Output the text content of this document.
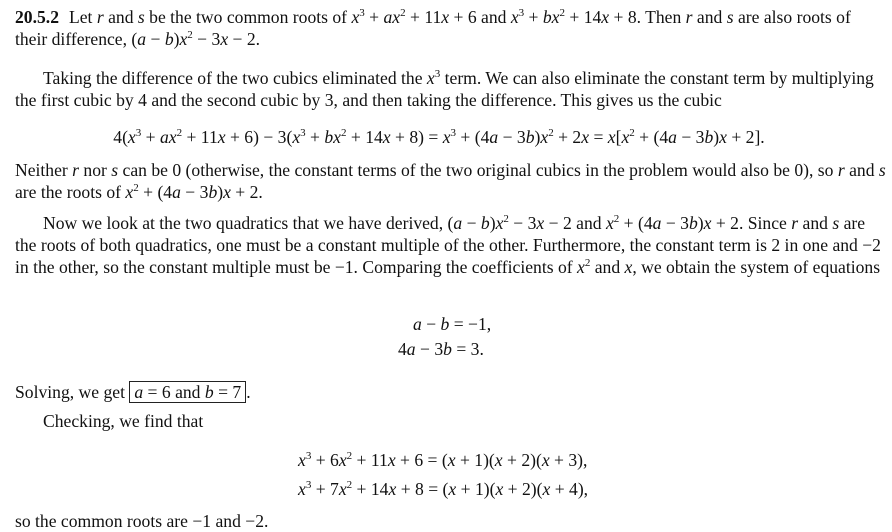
20.5.2 Let r and s be the two common roots of $x^3 + ax^2 + 11x + 6$ and $x^3 + bx^2 + 14x + 8$. Then r and s are also roots of their difference, $(a - b)x^2 - 3x - 2$.

Taking the difference of the two cubics eliminated the $x^3$ term. We can also eliminate the constant term by multiplying the first cubic by 4 and the second cubic by 3, and then taking the difference. This gives us the cubic

$4(x^3 + ax^2 + 11x + 6) - 3(x^3 + bx^2 + 14x + 8) = x^3 + (4a - 3b)x^2 + 2x = x[x^2 + (4a - 3b)x + 2]$.

Neither r nor s can be 0 (otherwise, the constant terms of the two original cubics in the problem would also be 0), so r and s are the roots of $x^2 + (4a - 3b)x + 2$.

Now we look at the two quadratics that we have derived, $(a - b)x^2 - 3x - 2$ and $x^2 + (4a - 3b)x + 2$. Since r and s are the roots of both quadratics, one must be a constant multiple of the other. Furthermore, the constant term is 2 in one and −2 in the other, so the constant multiple must be −1. Comparing the coefficients of $x^2$ and x, we obtain the system of equations

a − b = −1,
4a − 3b = 3.

Solving, we get a = 6 and b = 7 .

Checking, we find that

$x^3 + 6x^2 + 11x + 6 = (x + 1)(x + 2)(x + 3)$,
$x^3 + 7x^2 + 14x + 8 = (x + 1)(x + 2)(x + 4)$,

so the common roots are −1 and −2.
